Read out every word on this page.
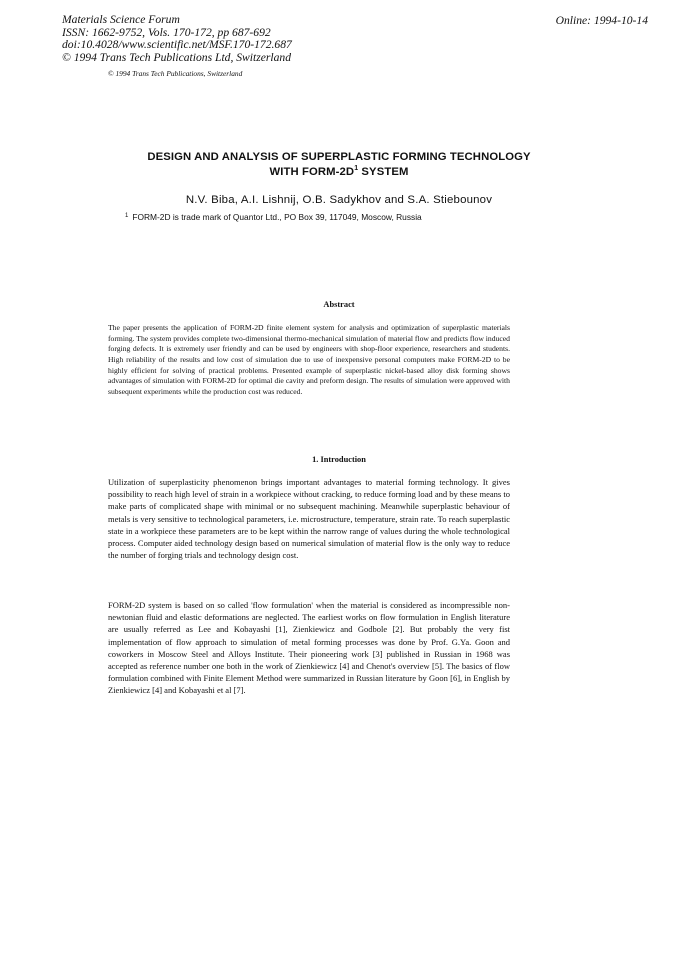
Materials Science Forum
ISSN: 1662-9752, Vols. 170-172, pp 687-692
doi:10.4028/www.scientific.net/MSF.170-172.687
© 1994 Trans Tech Publications Ltd, Switzerland
Online: 1994-10-14
© 1994 Trans Tech Publications, Switzerland
DESIGN AND ANALYSIS OF SUPERPLASTIC FORMING TECHNOLOGY
WITH FORM-$2D^1$ SYSTEM
N.V. Biba, A.I. Lishnij, O.B. Sadykhov and S.A. Stiebounov
$^1$ FORM-2D is trade mark of Quantor Ltd., PO Box 39, 117049, Moscow, Russia
Abstract

The paper presents the application of FORM-2D finite element system for analysis and optimization of superplastic materials forming. The system provides complete two-dimensional thermo-mechanical simulation of material flow and predicts flow induced forging defects. It is extremely user friendly and can be used by engineers with shop-floor experience, researchers and students. High reliability of the results and low cost of simulation due to use of inexpensive personal computers make FORM-2D to be highly efficient for solving of practical problems. Presented example of superplastic nickel-based alloy disk forming shows advantages of simulation with FORM-2D for optimal die cavity and preform design. The results of simulation were approved with subsequent experiments while the production cost was reduced.

1. Introduction

Utilization of superplasticity phenomenon brings important advantages to material forming technology. It gives possibility to reach high level of strain in a workpiece without cracking, to reduce forming load and by these means to make parts of complicated shape with minimal or no subsequent machining. Meanwhile superplastic behaviour of metals is very sensitive to technological parameters, i.e. microstructure, temperature, strain rate. To reach superplastic state in a workpiece these parameters are to be kept within the narrow range of values during the whole technological process. Computer aided technology design based on numerical simulation of material flow is the only way to reduce the number of forging trials and technology design cost.

FORM-2D system is based on so called 'flow formulation' when the material is considered as incompressible non-newtonian fluid and elastic deformations are neglected. The earliest works on flow formulation in English literature are usually referred as Lee and Kobayashi [1], Zienkiewicz and Godbole [2]. But probably the very fist implementation of flow approach to simulation of metal forming processes was done by Prof. G.Ya. Goon and coworkers in Moscow Steel and Alloys Institute. Their pioneering work [3] published in Russian in 1968 was accepted as reference number one both in the work of Zienkiewicz [4] and Chenot's overview [5]. The basics of flow formulation combined with Finite Element Method were summarized in Russian literature by Goon [6], in English by Zienkiewicz [4] and Kobayashi et al [7].
